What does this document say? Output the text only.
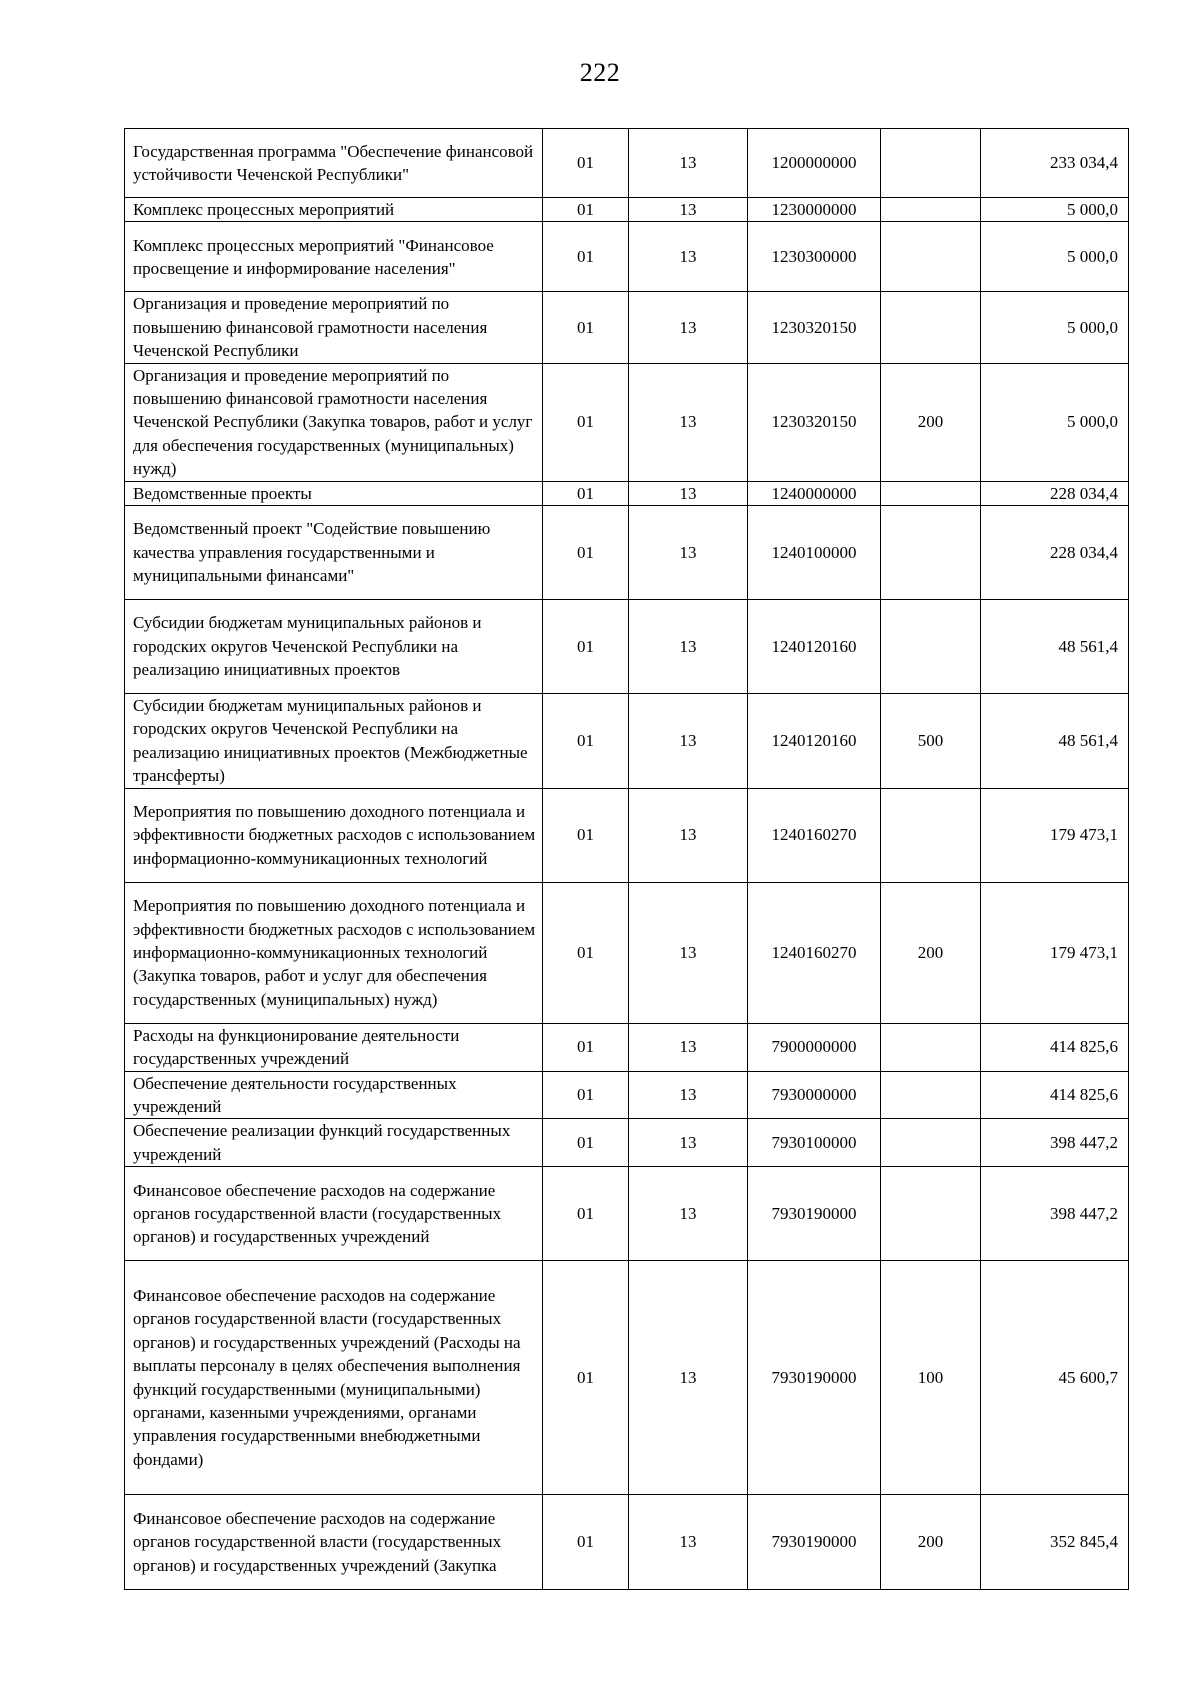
222
Государственная программа "Обеспечение финансовой устойчивости Чеченской Республики"	01	13	1200000000		233 034,4
Комплекс процессных мероприятий	01	13	1230000000		5 000,0
Комплекс процессных мероприятий "Финансовое просвещение и информирование населения"	01	13	1230300000		5 000,0
Организация и проведение мероприятий по повышению финансовой грамотности населения Чеченской Республики	01	13	1230320150		5 000,0
Организация и проведение мероприятий по повышению финансовой грамотности населения Чеченской Республики (Закупка товаров, работ и услуг для обеспечения государственных (муниципальных) нужд)	01	13	1230320150	200	5 000,0
Ведомственные проекты	01	13	1240000000		228 034,4
Ведомственный проект "Содействие повышению качества управления государственными и муниципальными финансами"	01	13	1240100000		228 034,4
Субсидии бюджетам муниципальных районов и городских округов Чеченской Республики на реализацию инициативных проектов	01	13	1240120160		48 561,4
Субсидии бюджетам муниципальных районов и городских округов Чеченской Республики на реализацию инициативных проектов (Межбюджетные трансферты)	01	13	1240120160	500	48 561,4
Мероприятия по повышению доходного потенциала и эффективности бюджетных расходов с использованием информационно-коммуникационных технологий	01	13	1240160270		179 473,1
Мероприятия по повышению доходного потенциала и эффективности бюджетных расходов с использованием информационно-коммуникационных технологий (Закупка товаров, работ и услуг для обеспечения государственных (муниципальных) нужд)	01	13	1240160270	200	179 473,1
Расходы на функционирование деятельности государственных учреждений	01	13	7900000000		414 825,6
Обеспечение деятельности государственных учреждений	01	13	7930000000		414 825,6
Обеспечение реализации функций государственных учреждений	01	13	7930100000		398 447,2
Финансовое обеспечение расходов на содержание органов государственной власти (государственных органов) и государственных учреждений	01	13	7930190000		398 447,2
Финансовое обеспечение расходов на содержание органов государственной власти (государственных органов) и государственных учреждений (Расходы на выплаты персоналу в целях обеспечения выполнения функций государственными (муниципальными) органами, казенными учреждениями, органами управления государственными внебюджетными фондами)	01	13	7930190000	100	45 600,7
Финансовое обеспечение расходов на содержание органов государственной власти (государственных органов) и государственных учреждений (Закупка	01	13	7930190000	200	352 845,4
